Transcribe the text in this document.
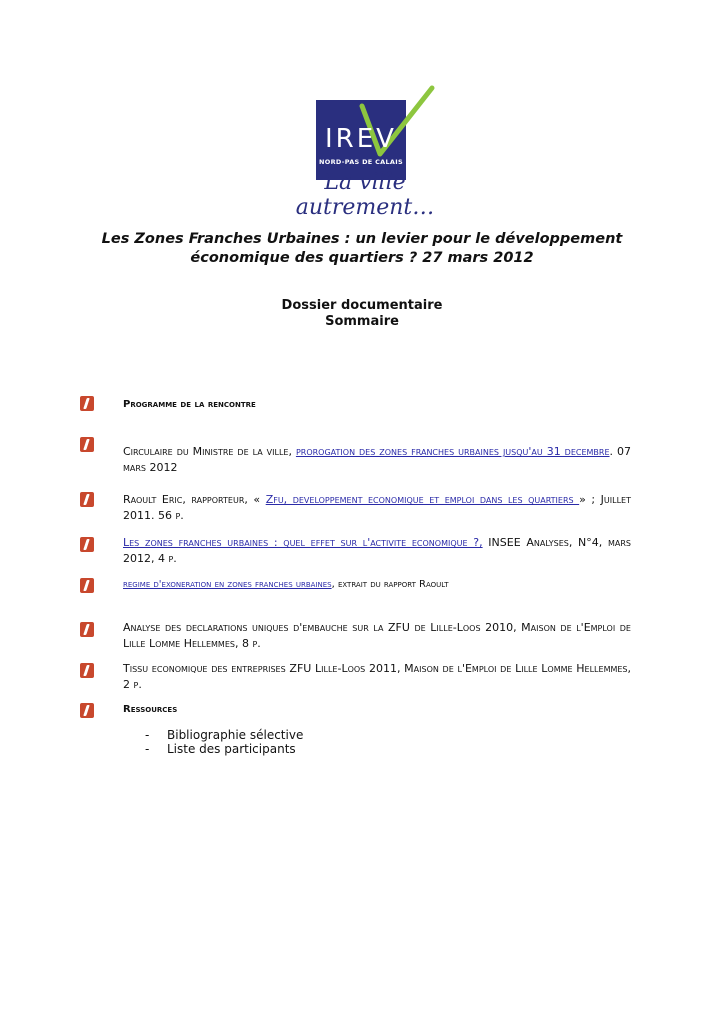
IREV
NORD-PAS DE CALAIS
La ville autrement…
Les Zones Franches Urbaines : un levier pour le développement
économique des quartiers ? 27 mars 2012
Dossier documentaire
Sommaire
Programme de la rencontre
Circulaire du Ministre de la ville, prorogation des zones franches urbaines jusqu'au 31 decembre. 07 mars 2012
Raoult Eric, rapporteur, « Zfu, developpement economique et emploi dans les quartiers » ; Juillet 2011. 56 p.
Les zones franches urbaines : quel effet sur l'activite economique ?, INSEE Analyses, N°4, mars 2012, 4 p.
regime d'exoneration en zones franches urbaines, extrait du rapport Raoult
Analyse des declarations uniques d'embauche sur la ZFU de Lille-Loos 2010, Maison de l'Emploi de Lille Lomme Hellemmes, 8 p.
Tissu economique des entreprises ZFU Lille-Loos 2011, Maison de l'Emploi de Lille Lomme Hellemmes, 2 p.
Ressources
-	Bibliographie sélective
-	Liste des participants
